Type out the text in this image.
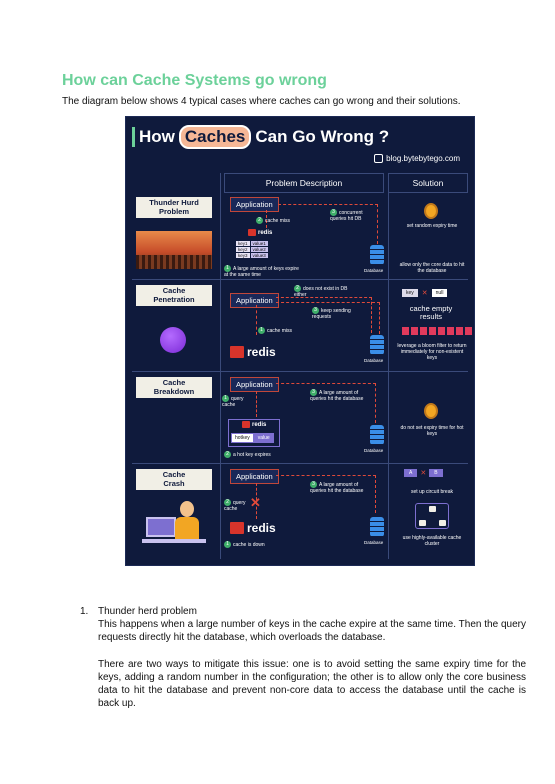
How can Cache Systems go wrong
The diagram below shows 4 typical cases where caches can go wrong and their solutions.
How Caches Can Go Wrong ?
blog.bytebytego.com
Problem Description	Solution
Thunder Hurd
Problem
Application
2 cache miss
3 concurrent queries hit DB
redis
key1	value1
key2	value2
key3	value3
1 A large amount of keys expire at the same time
Database
set random expiry time
allow only the core data to hit the database
Cache
Penetration	Application
2 does not exist in DB either
3 keep sending requests
1 cache miss
redis
Database
key	✕	null
cache empty results
leverage a bloom filter to return immediately for non-existent keys
Cache
Breakdown
Application
1 query cache
3 A large amount of queries hit the database
redis
hotkey	value
2 a hot key expires
Database
do not set expiry time for hot keys
Cache
Crash
Application
✕
2 query cache
3 A large amount of queries hit the database
redis
1 cache is down	Database
A	✕	B
set up circuit break
use highly-available cache cluster
1. Thunder herd problem
This happens when a large number of keys in the cache expire at the same time. Then the query requests directly hit the database, which overloads the database.
There are two ways to mitigate this issue: one is to avoid setting the same expiry time for the keys, adding a random number in the configuration; the other is to allow only the core business data to hit the database and prevent non-core data to access the database until the cache is back up.
